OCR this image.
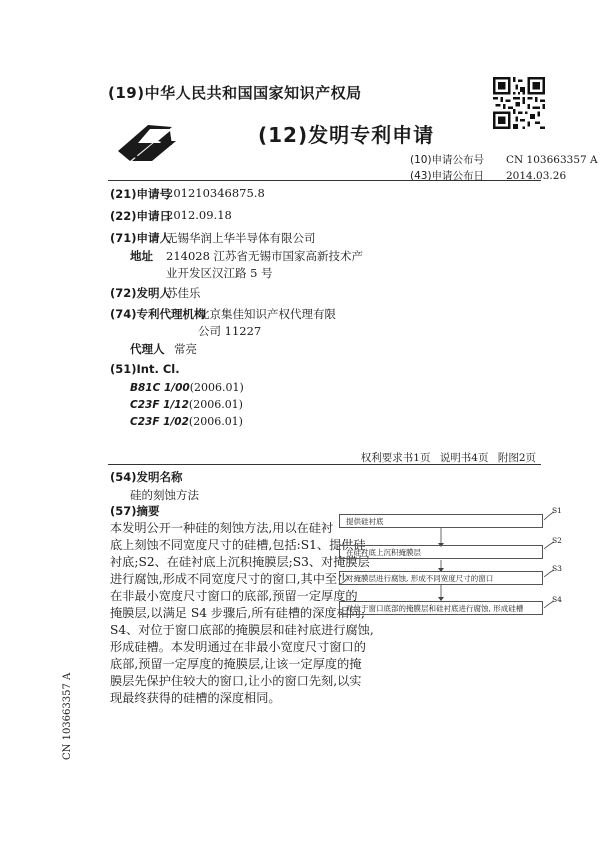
(19)中华人民共和国国家知识产权局
(12)发明专利申请
(10)申请公布号 CN 103663357 A
(43)申请公布日 2014.03.26
(21)申请号
201210346875.8
(22)申请日
2012.09.18
(71)申请人
无锡华润上华半导体有限公司
地址 214028 江苏省无锡市国家高新技术产
业开发区汉江路 5 号
(72)发明人
苏佳乐
(74)专利代理机构
北京集佳知识产权代理有限
公司 11227
代理人 常亮
(51)Int. Cl.
B81C 1/00(2006.01)
C23F 1/12(2006.01)
C23F 1/02(2006.01)
权利要求书1页 说明书4页 附图2页
(54)发明名称
硅的刻蚀方法
(57)摘要
本发明公开一种硅的刻蚀方法,用以在硅衬
底上刻蚀不同宽度尺寸的硅槽,包括:S1、提供硅
衬底;S2、在硅衬底上沉积掩膜层;S3、对掩膜层
进行腐蚀,形成不同宽度尺寸的窗口,其中至少
在非最小宽度尺寸窗口的底部,预留一定厚度的
掩膜层,以满足 S4 步骤后,所有硅槽的深度相同;
S4、对位于窗口底部的掩膜层和硅衬底进行腐蚀,
形成硅槽。本发明通过在非最小宽度尺寸窗口的
底部,预留一定厚度的掩膜层,让该一定厚度的掩
膜层先保护住较大的窗口,让小的窗口先刻,以实
现最终获得的硅槽的深度相同。
提供硅衬底
S1
在硅衬底上沉积掩膜层
S2
对掩膜层进行腐蚀, 形成不同宽度尺寸的窗口
S3
对位于窗口底部的掩膜层和硅衬底进行腐蚀, 形成硅槽
S4
CN 103663357 A
